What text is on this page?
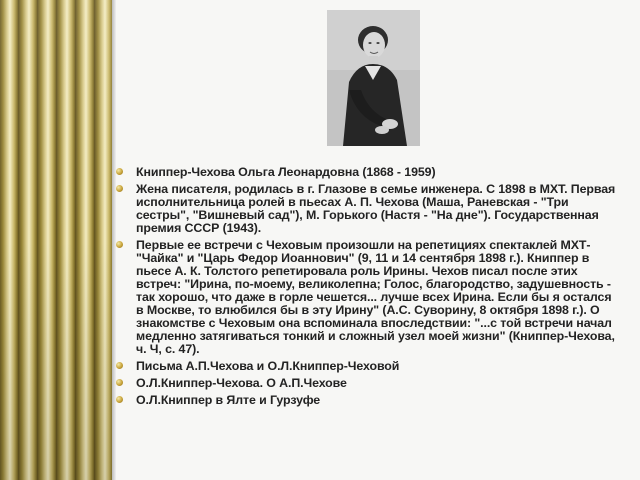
Книппер-Чехова Ольга Леонардовна (1868 - 1959)
Жена писателя, родилась в г. Глазове в семье инженера. С 1898 в МХТ. Первая исполнительница ролей в пьесах А. П. Чехова (Маша, Раневская - "Три сестры", "Вишневый сад"), М. Горького (Настя - "На дне"). Государственная премия СССР (1943).
Первые ее встречи с Чеховым произошли на репетициях спектаклей МХТ- "Чайка" и "Царь Федор Иоаннович" (9, 11 и 14 сентября 1898 г.). Книппер в пьесе А. К. Толстого репетировала роль Ирины. Чехов писал после этих встреч: "Ирина, по-моему, великолепна; Голос, благородство, задушевность - так хорошо, что даже в горле чешется... лучше всех Ирина. Если бы я остался в Москве, то влюбился бы в эту Ирину" (А.С. Суворину, 8 октября 1898 г.). О знакомстве с Чеховым она вспоминала впоследствии: "...с той встречи начал медленно затягиваться тонкий и сложный узел моей жизни" (Книппер-Чехова, ч. Ч, с. 47).
Письма А.П.Чехова и О.Л.Книппер-Чеховой
О.Л.Книппер-Чехова. О А.П.Чехове
О.Л.Книппер в Ялте и Гурзуфе
